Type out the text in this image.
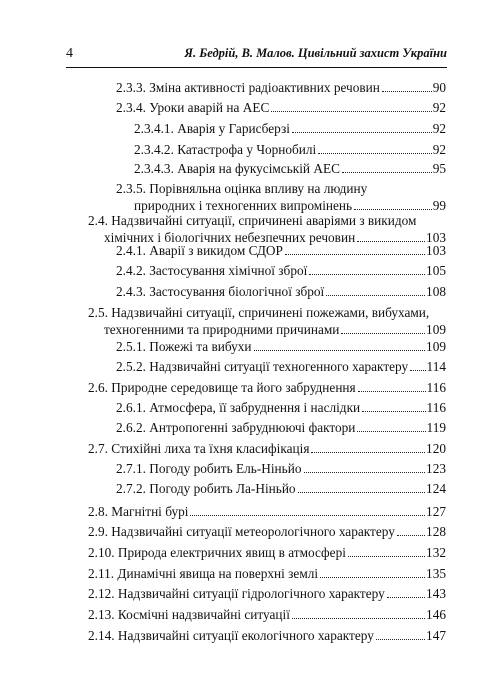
4	Я. Бедрій, В. Малов. Цивільний захист України
2.3.3. Зміна активності радіоактивних речовин	90
2.3.4. Уроки аварій на АЕС	92
2.3.4.1. Аварія у Гарисберзі	92
2.3.4.2. Катастрофа у Чорнобилі	92
2.3.4.3. Аварія на фукусімській АЕС	95
2.3.5. Порівняльна оцінка впливу на людину
природних і техногенних випромінень	99
2.4. Надзвичайні ситуації, спричинені аваріями з викидом
хімічних і біологічних небезпечних речовин	103
2.4.1. Аварії з викидом СДОР	103
2.4.2. Застосування хімічної зброї	105
2.4.3. Застосування біологічної зброї	108
2.5. Надзвичайні ситуації, спричинені пожежами, вибухами,
техногенними та природними причинами	109
2.5.1. Пожежі та вибухи	109
2.5.2. Надзвичайні ситуації техногенного характеру 114
2.6. Природне середовище та його забруднення	116
2.6.1. Атмосфера, її забруднення і наслідки	116
2.6.2. Антропогенні забруднюючі фактори	119
2.7. Стихійні лиха та їхня класифікація	120
2.7.1. Погоду робить Ель-Ніньйо	123
2.7.2. Погоду робить Ла-Ніньйо	124
2.8. Магнітні бурі	127
2.9. Надзвичайні ситуації метеорологічного характеру 128
2.10. Природа електричних явищ в атмосфері	132
2.11. Динамічні явища на поверхні землі	135
2.12. Надзвичайні ситуації гідрологічного характеру	143
2.13. Космічні надзвичайні ситуації	146
2.14. Надзвичайні ситуації екологічного характеру	147
